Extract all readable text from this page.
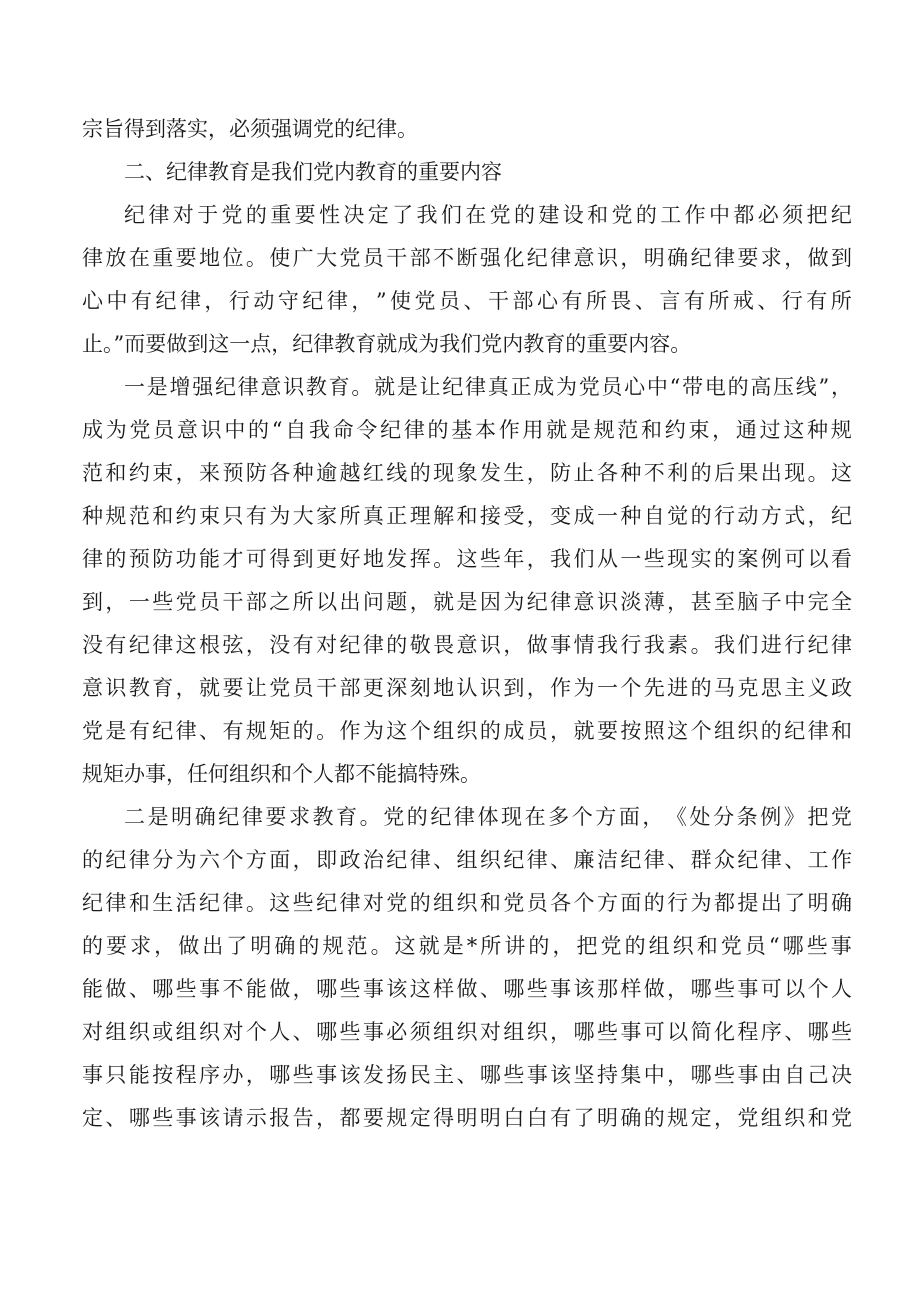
宗旨得到落实，必须强调党的纪律。
二、纪律教育是我们党内教育的重要内容
纪 律 对 于 党 的 重 要 性 决 定 了 我 们 在 党 的 建 设 和 党 的 工 作 中 都 必 须 把 纪
律 放 在 重 要 地 位 。 使 广 大 党 员 干 部 不 断 强 化 纪 律 意 识 ， 明 确 纪 律 要 求 ， 做 到
心 中 有 纪 律 ， 行 动 守 纪 律 ， ” 使 党 员 、 干 部 心 有 所 畏 、 言 有 所 戒 、 行 有 所
止。”而要做到这一点，纪律教育就成为我们党内教育的重要内容。
一 是 增 强 纪 律 意 识 教 育 。 就 是 让 纪 律 真 正 成 为 党 员 心 中 “ 带 电 的 高 压 线 ” ，
成 为 党 员 意 识 中 的 “ 自 我 命 令 纪 律 的 基 本 作 用 就 是 规 范 和 约 束 ， 通 过 这 种 规
范 和 约 束 ， 来 预 防 各 种 逾 越 红 线 的 现 象 发 生 ， 防 止 各 种 不 利 的 后 果 出 现 。 这
种 规 范 和 约 束 只 有 为 大 家 所 真 正 理 解 和 接 受 ， 变 成 一 种 自 觉 的 行 动 方 式 ， 纪
律 的 预 防 功 能 才 可 得 到 更 好 地 发 挥 。 这 些 年 ， 我 们 从 一 些 现 实 的 案 例 可 以 看
到 ， 一 些 党 员 干 部 之 所 以 出 问 题 ， 就 是 因 为 纪 律 意 识 淡 薄 ， 甚 至 脑 子 中 完 全
没 有 纪 律 这 根 弦 ， 没 有 对 纪 律 的 敬 畏 意 识 ， 做 事 情 我 行 我 素 。 我 们 进 行 纪 律
意 识 教 育 ， 就 要 让 党 员 干 部 更 深 刻 地 认 识 到 ， 作 为 一 个 先 进 的 马 克 思 主 义 政
党 是 有 纪 律 、 有 规 矩 的 。 作 为 这 个 组 织 的 成 员 ， 就 要 按 照 这 个 组 织 的 纪 律 和
规矩办事，任何组织和个人都不能搞特殊。
二 是 明 确 纪 律 要 求 教 育 。 党 的 纪 律 体 现 在 多 个 方 面 ， 《 处 分 条 例 》 把 党
的 纪 律 分 为 六 个 方 面 ， 即 政 治 纪 律 、 组 织 纪 律 、 廉 洁 纪 律 、 群 众 纪 律 、 工 作
纪 律 和 生 活 纪 律 。 这 些 纪 律 对 党 的 组 织 和 党 员 各 个 方 面 的 行 为 都 提 出 了 明 确
的 要 求 ， 做 出 了 明 确 的 规 范 。 这 就 是 * 所 讲 的 ， 把 党 的 组 织 和 党 员 “ 哪 些 事
能 做 、 哪 些 事 不 能 做 ， 哪 些 事 该 这 样 做 、 哪 些 事 该 那 样 做 ， 哪 些 事 可 以 个 人
对 组 织 或 组 织 对 个 人 、 哪 些 事 必 须 组 织 对 组 织 ， 哪 些 事 可 以 简 化 程 序 、 哪 些
事 只 能 按 程 序 办 ， 哪 些 事 该 发 扬 民 主 、 哪 些 事 该 坚 持 集 中 ， 哪 些 事 由 自 己 决
定 、 哪 些 事 该 请 示 报 告 ， 都 要 规 定 得 明 明 白 白 有 了 明 确 的 规 定 ， 党 组 织 和 党
